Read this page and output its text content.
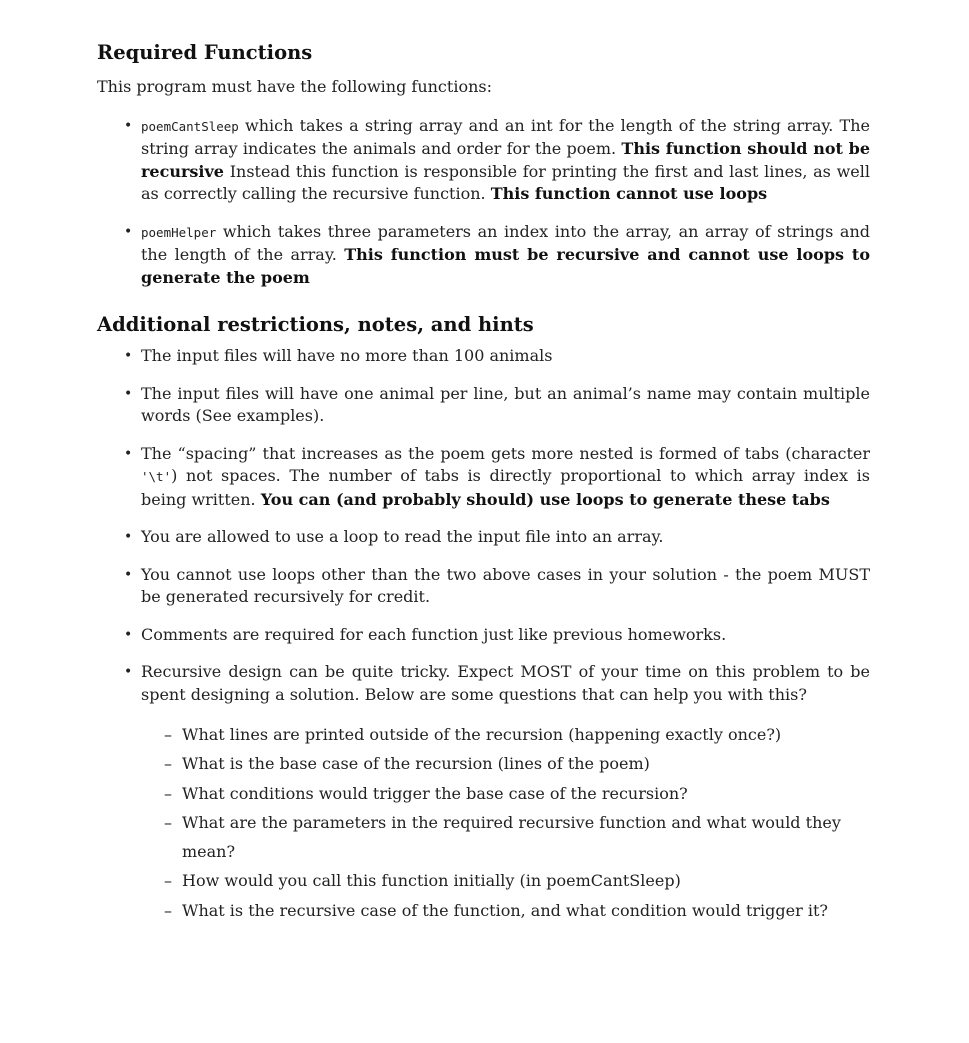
Required Functions

This program must have the following functions:

• poemCantSleep which takes a string array and an int for the length of the string array. The string array indicates the animals and order for the poem. This function should not be recursive Instead this function is responsible for printing the first and last lines, as well as correctly calling the recursive function. This function cannot use loops
• poemHelper which takes three parameters an index into the array, an array of strings and the length of the array. This function must be recursive and cannot use loops to generate the poem
Additional restrictions, notes, and hints
• The input files will have no more than 100 animals
• The input files will have one animal per line, but an animal’s name may contain multiple words (See examples).
• The “spacing” that increases as the poem gets more nested is formed of tabs (character '\t') not spaces. The number of tabs is directly proportional to which array index is being written. You can (and probably should) use loops to generate these tabs
• You are allowed to use a loop to read the input file into an array.
• You cannot use loops other than the two above cases in your solution - the poem MUST be generated recursively for credit.
• Comments are required for each function just like previous homeworks.
• Recursive design can be quite tricky. Expect MOST of your time on this problem to be spent designing a solution. Below are some questions that can help you with this?
– What lines are printed outside of the recursion (happening exactly once?)
– What is the base case of the recursion (lines of the poem)
– What conditions would trigger the base case of the recursion?
– What are the parameters in the required recursive function and what would they mean?
– How would you call this function initially (in poemCantSleep)
– What is the recursive case of the function, and what condition would trigger it?
